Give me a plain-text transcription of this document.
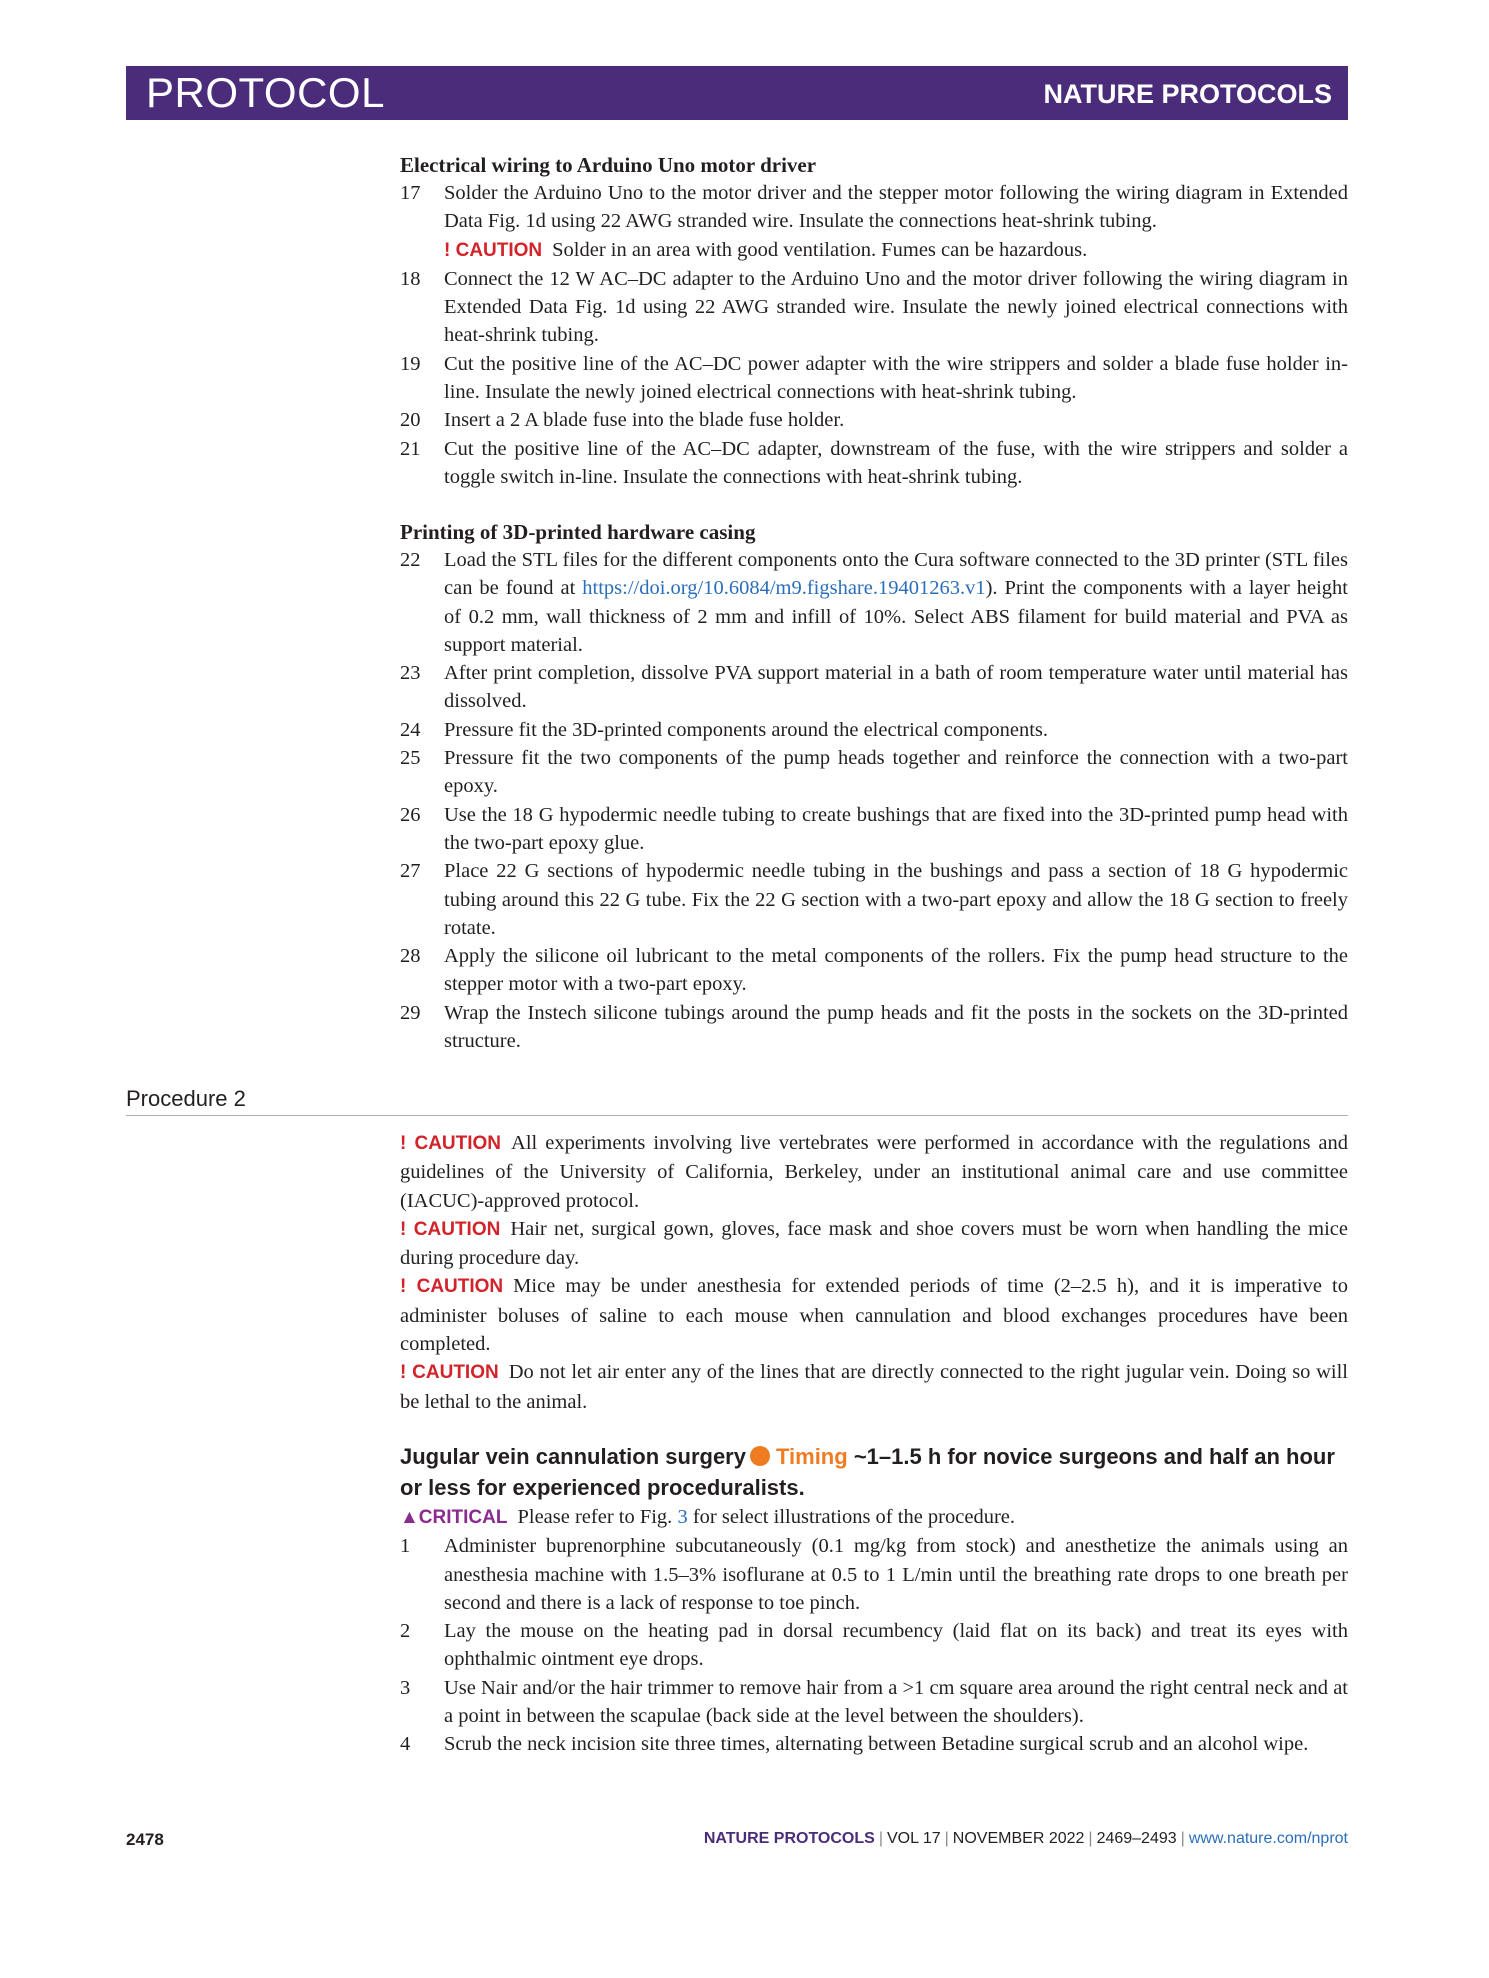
PROTOCOL	NATURE PROTOCOLS

Electrical wiring to Arduino Uno motor driver

17	Solder the Arduino Uno to the motor driver and the stepper motor following the wiring diagram in Extended Data Fig. 1d using 22 AWG stranded wire. Insulate the connections heat-shrink tubing.
! CAUTION Solder in an area with good ventilation. Fumes can be hazardous.
18	Connect the 12 W AC–DC adapter to the Arduino Uno and the motor driver following the wiring diagram in Extended Data Fig. 1d using 22 AWG stranded wire. Insulate the newly joined electrical connections with heat-shrink tubing.
19	Cut the positive line of the AC–DC power adapter with the wire strippers and solder a blade fuse holder in-line. Insulate the newly joined electrical connections with heat-shrink tubing.
20	Insert a 2 A blade fuse into the blade fuse holder.
21	Cut the positive line of the AC–DC adapter, downstream of the fuse, with the wire strippers and solder a toggle switch in-line. Insulate the connections with heat-shrink tubing.

Printing of 3D-printed hardware casing

22	Load the STL files for the different components onto the Cura software connected to the 3D printer (STL files can be found at https://doi.org/10.6084/m9.figshare.19401263.v1). Print the components with a layer height of 0.2 mm, wall thickness of 2 mm and infill of 10%. Select ABS filament for build material and PVA as support material.
23	After print completion, dissolve PVA support material in a bath of room temperature water until material has dissolved.
24	Pressure fit the 3D-printed components around the electrical components.
25	Pressure fit the two components of the pump heads together and reinforce the connection with a two-part epoxy.
26	Use the 18 G hypodermic needle tubing to create bushings that are fixed into the 3D-printed pump head with the two-part epoxy glue.
27	Place 22 G sections of hypodermic needle tubing in the bushings and pass a section of 18 G hypodermic tubing around this 22 G tube. Fix the 22 G section with a two-part epoxy and allow the 18 G section to freely rotate.
28	Apply the silicone oil lubricant to the metal components of the rollers. Fix the pump head structure to the stepper motor with a two-part epoxy.
29	Wrap the Instech silicone tubings around the pump heads and fit the posts in the sockets on the 3D-printed structure.
Procedure 2

! CAUTION All experiments involving live vertebrates were performed in accordance with the regulations and guidelines of the University of California, Berkeley, under an institutional animal care and use committee (IACUC)-approved protocol.

! CAUTION Hair net, surgical gown, gloves, face mask and shoe covers must be worn when handling the mice during procedure day.

! CAUTION Mice may be under anesthesia for extended periods of time (2–2.5 h), and it is imperative to administer boluses of saline to each mouse when cannulation and blood exchanges procedures have been completed.

! CAUTION Do not let air enter any of the lines that are directly connected to the right jugular vein. Doing so will be lethal to the animal.

Jugular vein cannulation surgery Timing ~1–1.5 h for novice surgeons and half an hour or less for experienced proceduralists.

▲CRITICAL Please refer to Fig. 3 for select illustrations of the procedure.

1	Administer buprenorphine subcutaneously (0.1 mg/kg from stock) and anesthetize the animals using an anesthesia machine with 1.5–3% isoflurane at 0.5 to 1 L/min until the breathing rate drops to one breath per second and there is a lack of response to toe pinch.
2	Lay the mouse on the heating pad in dorsal recumbency (laid flat on its back) and treat its eyes with ophthalmic ointment eye drops.
3	Use Nair and/or the hair trimmer to remove hair from a >1 cm square area around the right central neck and at a point in between the scapulae (back side at the level between the shoulders).
4	Scrub the neck incision site three times, alternating between Betadine surgical scrub and an alcohol wipe.
2478	NATURE PROTOCOLS | VOL 17 | NOVEMBER 2022 | 2469–2493 | www.nature.com/nprot
